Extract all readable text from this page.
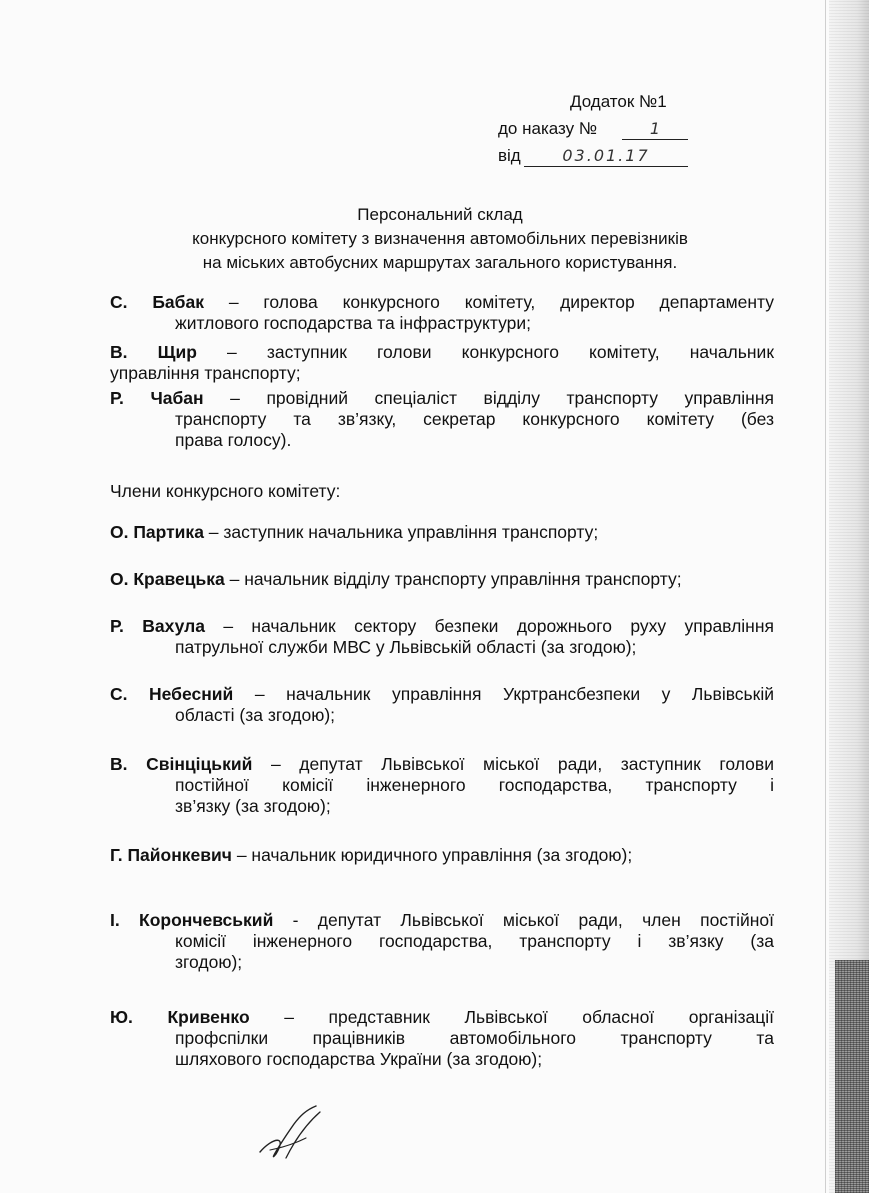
Додаток №1
до наказу №	1
від	03.01.17
Персональний склад
конкурсного комітету з визначення автомобільних перевізників
на міських автобусних маршрутах загального користування.
С. Бабак – голова конкурсного комітету, директор департаменту
житлового господарства та інфраструктури;
В. Щир – заступник голови конкурсного комітету, начальник
управління транспорту;
Р. Чабан – провідний спеціаліст відділу транспорту управління
транспорту та зв’язку, секретар конкурсного комітету (без
права голосу).
Члени конкурсного комітету:
О. Партика – заступник начальника управління транспорту;
О. Кравецька – начальник відділу транспорту управління транспорту;
Р. Вахула – начальник сектору безпеки дорожнього руху управління
патрульної служби МВС у Львівській області (за згодою);
С. Небесний – начальник управління Укртрансбезпеки у Львівській
області (за згодою);
В. Свінціцький – депутат Львівської міської ради, заступник голови
постійної комісії інженерного господарства, транспорту і
зв’язку (за згодою);
Г. Пайонкевич – начальник юридичного управління (за згодою);
І. Корончевський - депутат Львівської міської ради, член постійної
комісії інженерного господарства, транспорту і зв’язку (за
згодою);
Ю. Кривенко – представник Львівської обласної організації
профспілки працівників автомобільного транспорту та
шляхового господарства України (за згодою);
